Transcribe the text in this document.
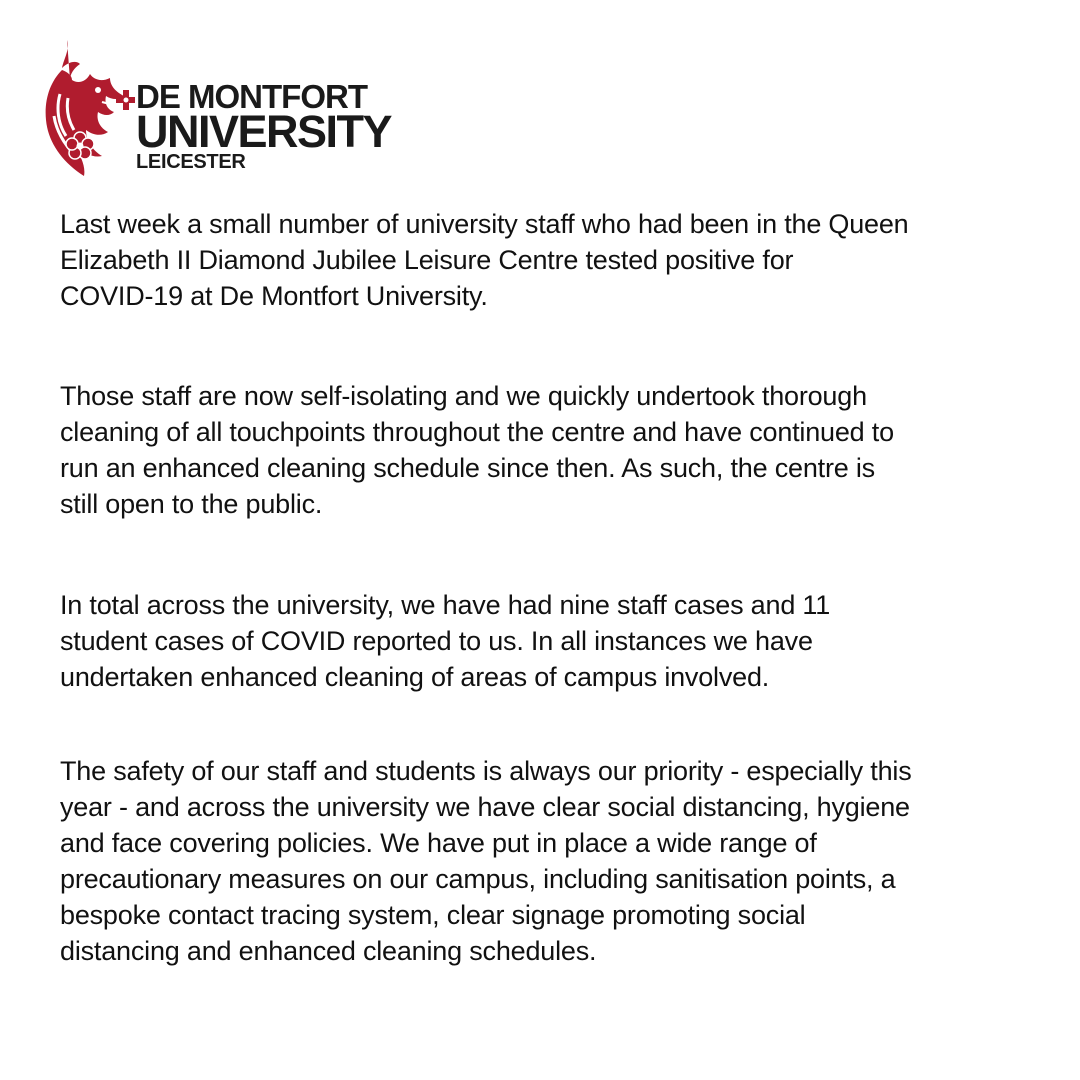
DE MONTFORT
UNIVERSITY
LEICESTER

Last week a small number of university staff who had been in the Queen
Elizabeth II Diamond Jubilee Leisure Centre tested positive for
COVID-19 at De Montfort University.

Those staff are now self-isolating and we quickly undertook thorough
cleaning of all touchpoints throughout the centre and have continued to
run an enhanced cleaning schedule since then. As such, the centre is
still open to the public.

In total across the university, we have had nine staff cases and 11
student cases of COVID reported to us. In all instances we have
undertaken enhanced cleaning of areas of campus involved.

The safety of our staff and students is always our priority - especially this
year - and across the university we have clear social distancing, hygiene
and face covering policies. We have put in place a wide range of
precautionary measures on our campus, including sanitisation points, a
bespoke contact tracing system, clear signage promoting social
distancing and enhanced cleaning schedules.
